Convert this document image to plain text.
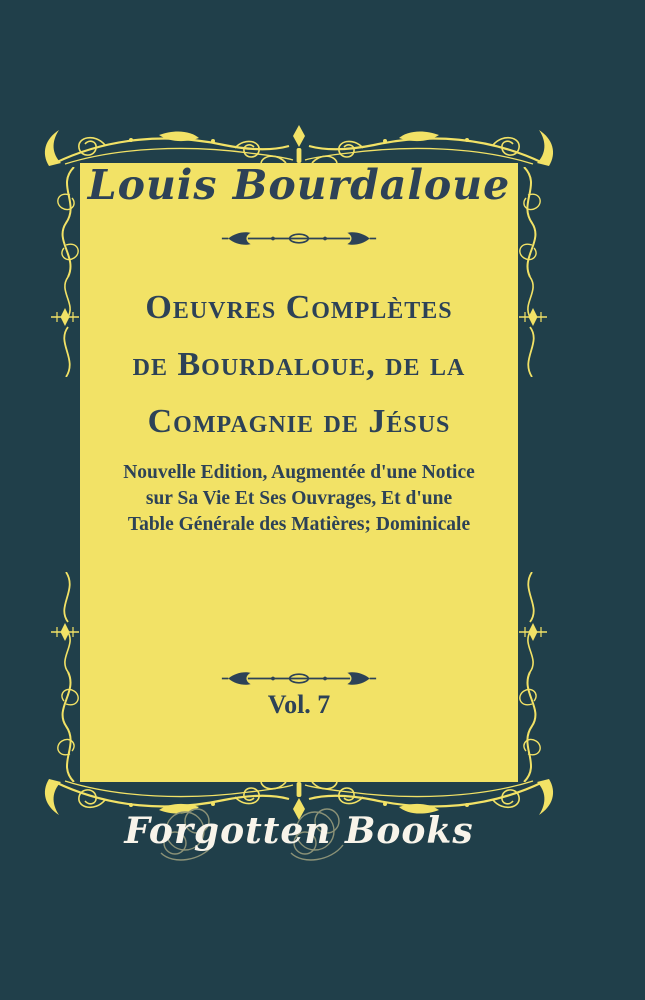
Louis Bourdaloue
Oeuvres Complètes
de Bourdaloue, de la
Compagnie de Jésus
Nouvelle Edition, Augmentée d'une Notice
sur Sa Vie Et Ses Ouvrages, Et d'une
Table Générale des Matières; Dominicale
Vol. 7
Forgotten Books
